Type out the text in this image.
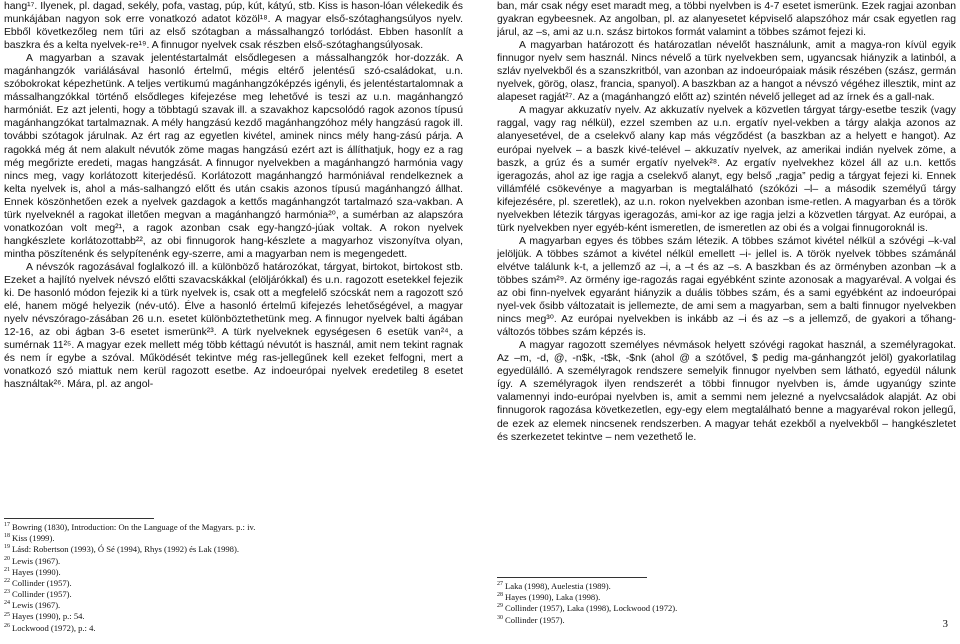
hang¹⁷. Ilyenek, pl. dagad, sekély, pofa, vastag, púp, kút, kátyú, stb. Kiss is hason-lóan vélekedik és munkájában nagyon sok erre vonatkozó adatot közöl¹⁸. A magyar első-szótaghangsúlyos nyelv. Ebből következőleg nem tűri az első szótagban a mássalhangzó torlódást. Ebben hasonlít a baszkra és a kelta nyelvek-re¹⁹. A finnugor nyelvek csak részben első-szótaghangsúlyosak.

A magyarban a szavak jelentéstartalmát elsődlegesen a mássalhangzók hor-dozzák. A magánhangzók variálásával hasonló értelmű, mégis eltérő jelentésű szó-családokat, u.n. szóbokrokat képezhetünk. A teljes vertikumú magánhangzóképzés igényli, és jelentéstartalomnak a mássalhangzókkal történő elsődleges kifejezése meg lehetővé is teszi az u.n. magánhangzó harmóniát. Ez azt jelenti, hogy a többtagú szavak ill. a szavakhoz kapcsolódó ragok azonos típusú magánhangzókat tartalmaznak. A mély hangzású kezdő magánhangzóhoz mély hangzású ragok ill. további szótagok járulnak. Az ért rag az egyetlen kivétel, aminek nincs mély hang-zású párja. A ragokká még át nem alakult névutók zöme magas hangzású ezért azt is állíthatjuk, hogy ez a rag még megőrizte eredeti, magas hangzását. A finnugor nyelvekben a magánhangzó harmónia vagy nincs meg, vagy korlátozott kiterjedésű. Korlátozott magánhangzó harmóniával rendelkeznek a kelta nyelvek is, ahol a más-salhangzó előtt és után csakis azonos típusú magánhangzó állhat. Ennek köszönhetően ezek a nyelvek gazdagok a kettős magánhangzót tartalmazó sza-vakban. A türk nyelveknél a ragokat illetően megvan a magánhangzó harmónia²⁰, a sumérban az alapszóra vonatkozóan volt meg²¹, a ragok azonban csak egy-hangzó-júak voltak. A rokon nyelvek hangkészlete korlátozottabb²², az obi finnugorok hang-készlete a magyarhoz viszonyítva olyan, mintha pöszítenénk és selypítenénk egy-szerre, ami a magyarban nem is megengedett.

A névszók ragozásával foglalkozó ill. a különböző határozókat, tárgyat, birtokot, birtokost stb. Ezeket a hajlító nyelvek névszó előtti szavacskákkal (elöljárókkal) és u.n. ragozott esetekkel fejezik ki. De hasonló módon fejezik ki a türk nyelvek is, csak ott a megfelelő szócskát nem a ragozott szó elé, hanem mögé helyezik (név-utó). Élve a hasonló értelmű kifejezés lehetőségével, a magyar nyelv névszórago-zásában 26 u.n. esetet különböztethetünk meg. A finnugor nyelvek balti ágában 12-16, az obi ágban 3-6 esetet ismerünk²³. A türk nyelveknek egységesen 6 esetük van²⁴, a sumérnak 11²⁵. A magyar ezek mellett még több kéttagú névutót is használ, amit nem tekint ragnak és nem ír egybe a szóval. Működését tekintve még ras-jellegűnek kell ezeket felfogni, mert a vonatkozó szó miattuk nem kerül ragozott esetbe. Az indoeurópai nyelvek eredetileg 8 esetet használtak²⁶. Mára, pl. az angol-

$^{17}$ Bowring (1830), Introduction: On the Language of the Magyars. p.: iv.
$^{18}$ Kiss (1999).
$^{19}$ Lásd: Robertson (1993), Ó Sé (1994), Rhys (1992) és Lak (1998).
$^{20}$ Lewis (1967).
$^{21}$ Hayes (1990).
$^{22}$ Collinder (1957).
$^{23}$ Collinder (1957).
$^{24}$ Lewis (1967).
$^{25}$ Hayes (1990), p.: 54.
$^{26}$ Lockwood (1972), p.: 4.

ban, már csak négy eset maradt meg, a többi nyelvben is 4-7 esetet ismerünk. Ezek ragjai azonban gyakran egybeesnek. Az angolban, pl. az alanyesetet képviselő alapszóhoz már csak egyetlen rag járul, az –s, ami az u.n. szász birtokos formát valamint a többes számot fejezi ki.

A magyarban határozott és határozatlan névelőt használunk, amit a magya-ron kívül egyik finnugor nyelv sem használ. Nincs névelő a türk nyelvekben sem, ugyancsak hiányzik a latinból, a szláv nyelvekből és a szanszkritból, van azonban az indoeurópaiak másik részében (szász, germán nyelvek, görög, olasz, francia, spanyol). A baszkban az a hangot a névszó végéhez illesztik, mint az alapeset ragját²⁷. Az a (magánhangzó előtt az) szintén névelő jelleget ad az írnek és a gall-nak.

A magyar akkuzatív nyelv. Az akkuzatív nyelvek a közvetlen tárgyat tárgy-esetbe teszik (vagy raggal, vagy rag nélkül), ezzel szemben az u.n. ergatív nyel-vekben a tárgy alakja azonos az alanyesetével, de a cselekvő alany kap más végződést (a baszkban az a helyett e hangot). Az európai nyelvek – a baszk kivé-telével – akkuzatív nyelvek, az amerikai indián nyelvek zöme, a baszk, a grúz és a sumér ergatív nyelvek²⁸. Az ergatív nyelvekhez közel áll az u.n. kettős igeragozás, ahol az ige ragja a cselekvő alanyt, egy belső „ragja” pedig a tárgyat fejezi ki. Ennek villámfélé csökevénye a magyarban is megtalálható (szókózi –l– a második személyű tárgy kifejezésére, pl. szeretlek), az u.n. rokon nyelvekben azonban isme-retlen. A magyarban és a török nyelvekben létezik tárgyas igeragozás, ami-kor az ige ragja jelzi a közvetlen tárgyat. Az európai, a türk nyelvekben nyer egyéb-ként ismeretlen, de ismeretlen az obi és a volgai finnugoroknál is.

A magyarban egyes és többes szám létezik. A többes számot kivétel nélkül a szóvégi –k-val jelöljük. A többes számot a kivétel nélkül emellett –i- jellel is. A török nyelvek többes számánál elvétve találunk k-t, a jellemző az –i, a –t és az –s. A baszkban és az örményben azonban –k a többes szám²⁹. Az örmény ige-ragozás ragai egyébként szinte azonosak a magyaréval. A volgai és az obi finn-nyelvek egyaránt hiányzik a duális többes szám, és a sami egyébként az indoeurópai nyel-vek ősibb változatait is jellemezte, de ami sem a magyarban, sem a balti finnugor nyelvekben nincs meg³⁰. Az európai nyelvekben is inkább az –i és az –s a jellemző, de gyakori a tőhang-változós többes szám képzés is.

A magyar ragozott személyes névmások helyett szóvégi ragokat használ, a személyragokat. Az –m, -d, @, -n$k, -t$k, -$nk (ahol @ a szótővel, $ pedig ma-gánhangzót jelöl) gyakorlatilag egyedülálló. A személyragok rendszere semelyik finnugor nyelvben sem látható, egyedül nálunk így. A személyragok ilyen rendszerét a többi finnugor nyelvben is, ámde ugyanúgy szinte valamennyi indo-európai nyelvben is, amit a semmi nem jelezné a nyelvcsaládok alapját. Az obi finnugorok ragozása következetlen, egy-egy elem megtalálható benne a magyaréval rokon jellegű, de ezek az elemek nincsenek rendszerben. A magyar tehát ezekből a nyelvekből – hangkészletet és szerkezetet tekintve – nem vezethető le.

$^{27}$ Laka (1998), Auelestia (1989).
$^{28}$ Hayes (1990), Laka (1998).
$^{29}$ Collinder (1957), Laka (1998), Lockwood (1972).
$^{30}$ Collinder (1957).	3
